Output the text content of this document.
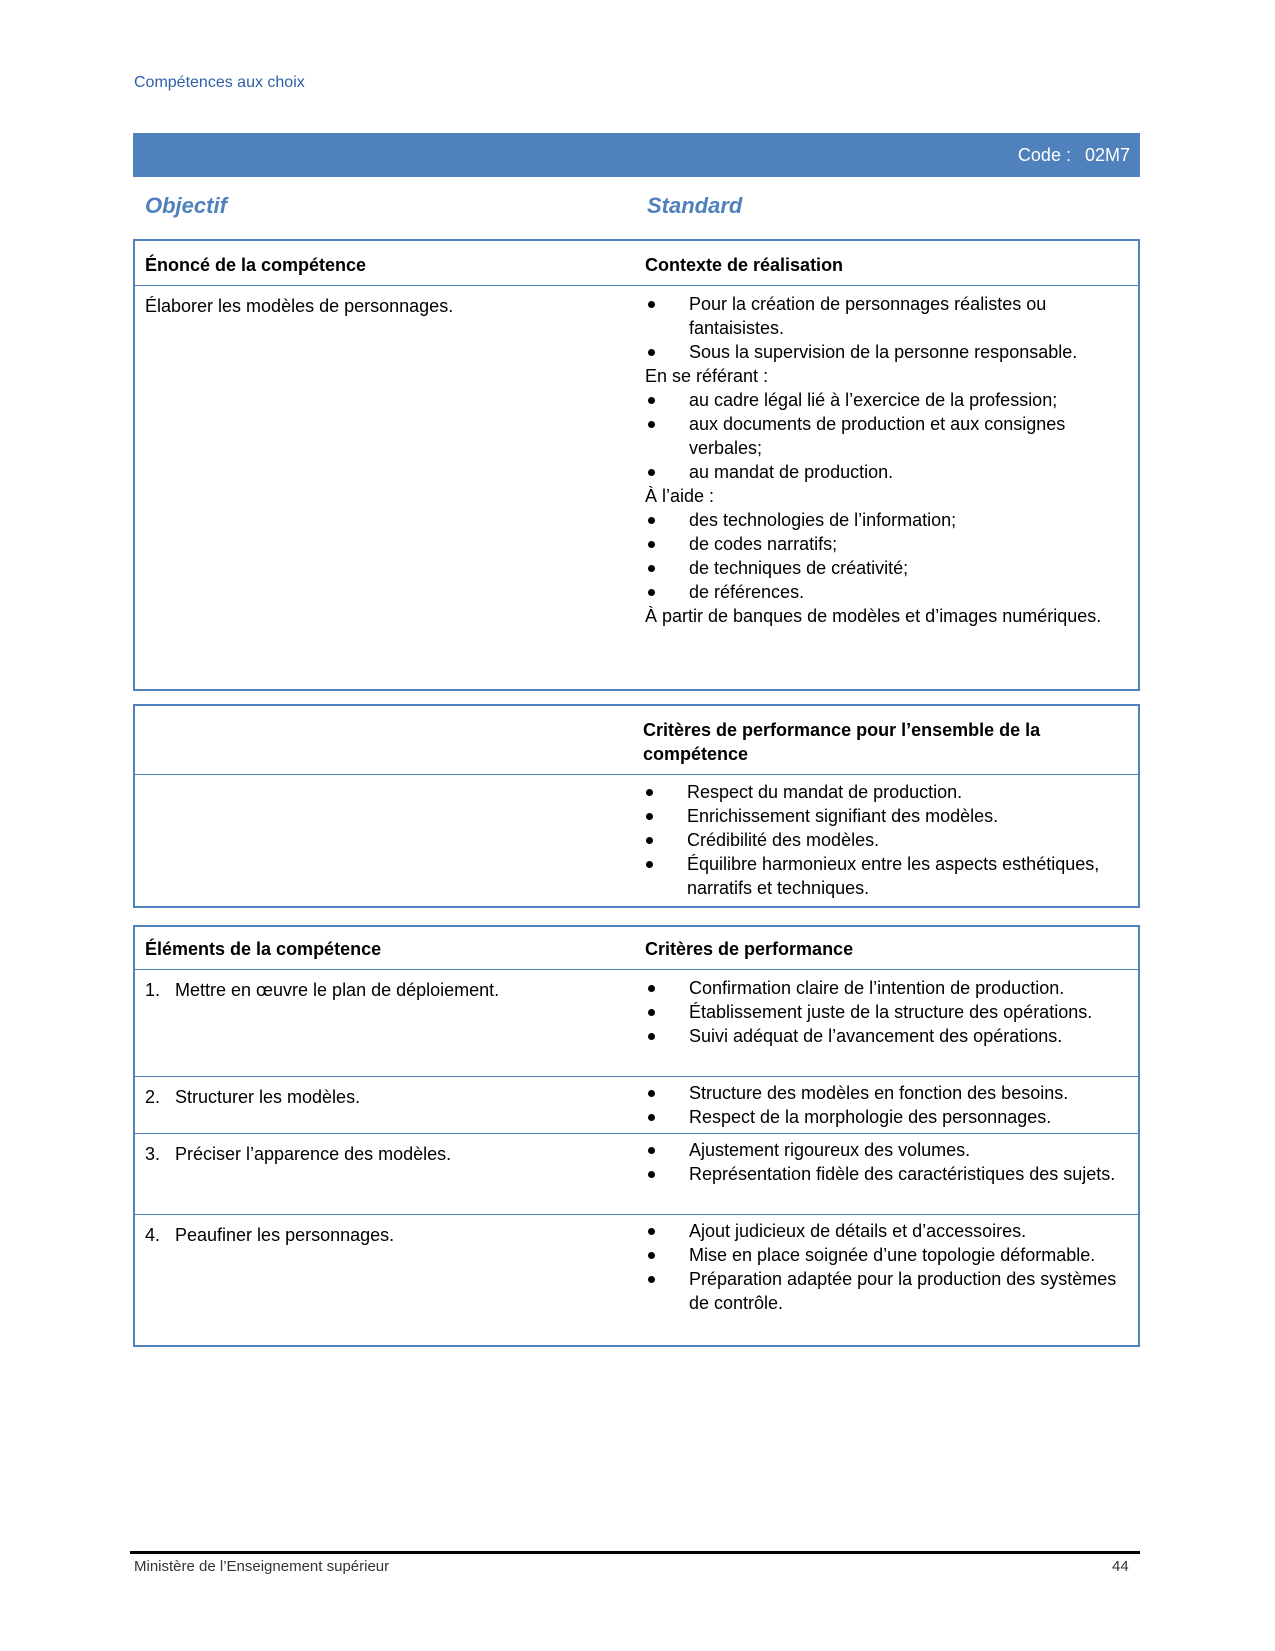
Compétences aux choix
Code : 02M7
Objectif	Standard
Énoncé de la compétence	Contexte de réalisation
Élaborer les modèles de personnages.	Pour la création de personnages réalistes ou fantaisistes.
Sous la supervision de la personne responsable.
En se référant :
au cadre légal lié à l’exercice de la profession;
aux documents de production et aux consignes verbales;
au mandat de production.
À l’aide :
des technologies de l’information;
de codes narratifs;
de techniques de créativité;
de références.
À partir de banques de modèles et d’images numériques.
Critères de performance pour l’ensemble de la compétence
Respect du mandat de production.
Enrichissement signifiant des modèles.
Crédibilité des modèles.
Équilibre harmonieux entre les aspects esthétiques, narratifs et techniques.
Éléments de la compétence	Critères de performance
1. Mettre en œuvre le plan de déploiement.	Confirmation claire de l’intention de production.
Établissement juste de la structure des opérations.
Suivi adéquat de l’avancement des opérations.
2. Structurer les modèles.	Structure des modèles en fonction des besoins.
Respect de la morphologie des personnages.
3. Préciser l’apparence des modèles.	Ajustement rigoureux des volumes.
Représentation fidèle des caractéristiques des sujets.
4. Peaufiner les personnages.	Ajout judicieux de détails et d’accessoires.
Mise en place soignée d’une topologie déformable.
Préparation adaptée pour la production des systèmes de contrôle.
Ministère de l’Enseignement supérieur	44
